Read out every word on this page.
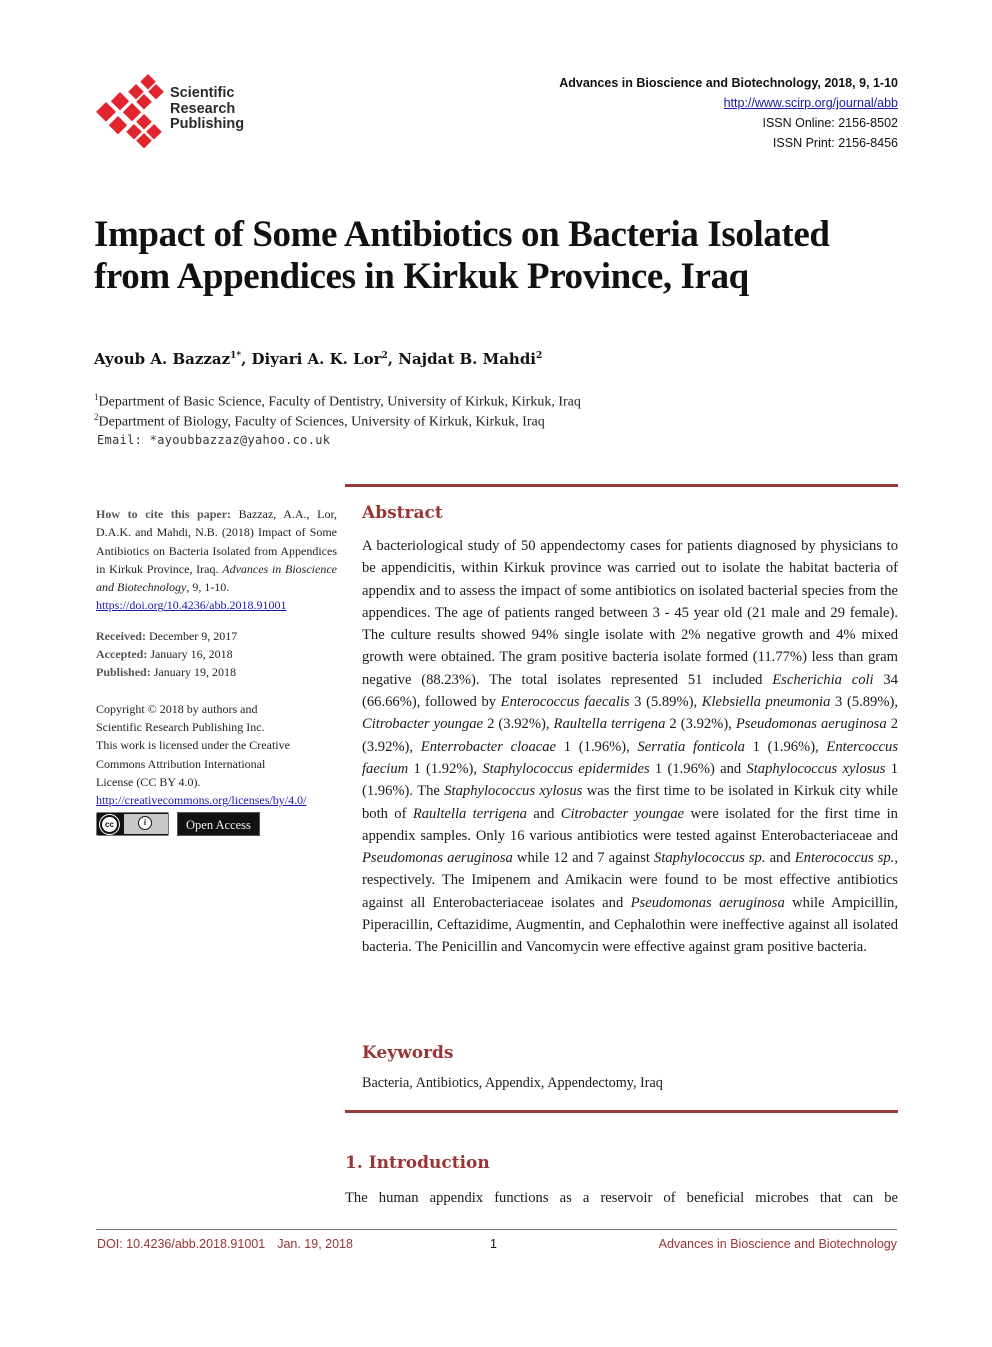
Scientific
Research
Publishing
Advances in Bioscience and Biotechnology, 2018, 9, 1-10
http://www.scirp.org/journal/abb
ISSN Online: 2156-8502
ISSN Print: 2156-8456
Impact of Some Antibiotics on Bacteria Isolated
from Appendices in Kirkuk Province, Iraq
Ayoub A. Bazzaz$^{1*}$, Diyari A. K. Lor$^2$, Najdat B. Mahdi$^2$
$^1$Department of Basic Science, Faculty of Dentistry, University of Kirkuk, Kirkuk, Iraq
$^2$Department of Biology, Faculty of Sciences, University of Kirkuk, Kirkuk, Iraq
Email: *ayoubbazzaz@yahoo.co.uk
How to cite this paper: Bazzaz, A.A., Lor, D.A.K. and Mahdi, N.B. (2018) Impact of Some Antibiotics on Bacteria Isolated from Appendices in Kirkuk Province, Iraq. Advances in Bioscience and Biotechnology, 9, 1-10.
https://doi.org/10.4236/abb.2018.91001
Received: December 9, 2017
Accepted: January 16, 2018
Published: January 19, 2018
Copyright © 2018 by authors and
Scientific Research Publishing Inc.
This work is licensed under the Creative
Commons Attribution International
License (CC BY 4.0).
http://creativecommons.org/licenses/by/4.0/
cc	i	Open Access
Abstract
A bacteriological study of 50 appendectomy cases for patients diagnosed by physicians to be appendicitis, within Kirkuk province was carried out to isolate the habitat bacteria of appendix and to assess the impact of some antibiotics on isolated bacterial species from the appendices. The age of patients ranged between 3 - 45 year old (21 male and 29 female). The culture results showed 94% single isolate with 2% negative growth and 4% mixed growth were obtained. The gram positive bacteria isolate formed (11.77%) less than gram negative (88.23%). The total isolates represented 51 included Escherichia coli 34 (66.66%), followed by Enterococcus faecalis 3 (5.89%), Klebsiella pneumonia 3 (5.89%), Citrobacter youngae 2 (3.92%), Raultella terrigena 2 (3.92%), Pseudomonas aeruginosa 2 (3.92%), Enterrobacter cloacae 1 (1.96%), Serratia fonticola 1 (1.96%), Entercoccus faecium 1 (1.92%), Staphylococcus epidermides 1 (1.96%) and Staphylococcus xylosus 1 (1.96%). The Staphylococcus xylosus was the first time to be isolated in Kirkuk city while both of Raultella terrigena and Citrobacter youngae were isolated for the first time in appendix samples. Only 16 various antibiotics were tested against Enterobacteriaceae and Pseudomonas aeruginosa while 12 and 7 against Staphylococcus sp. and Enterococcus sp., respectively. The Imipenem and Amikacin were found to be most effective antibiotics against all Enterobacteriaceae isolates and Pseudomonas aeruginosa while Ampicillin, Piperacillin, Ceftazidime, Augmentin, and Cephalothin were ineffective against all isolated bacteria. The Penicillin and Vancomycin were effective against gram positive bacteria.
Keywords
Bacteria, Antibiotics, Appendix, Appendectomy, Iraq
1. Introduction
The human appendix functions as a reservoir of beneficial microbes that can be
DOI: 10.4236/abb.2018.91001 Jan. 19, 2018	1	Advances in Bioscience and Biotechnology
